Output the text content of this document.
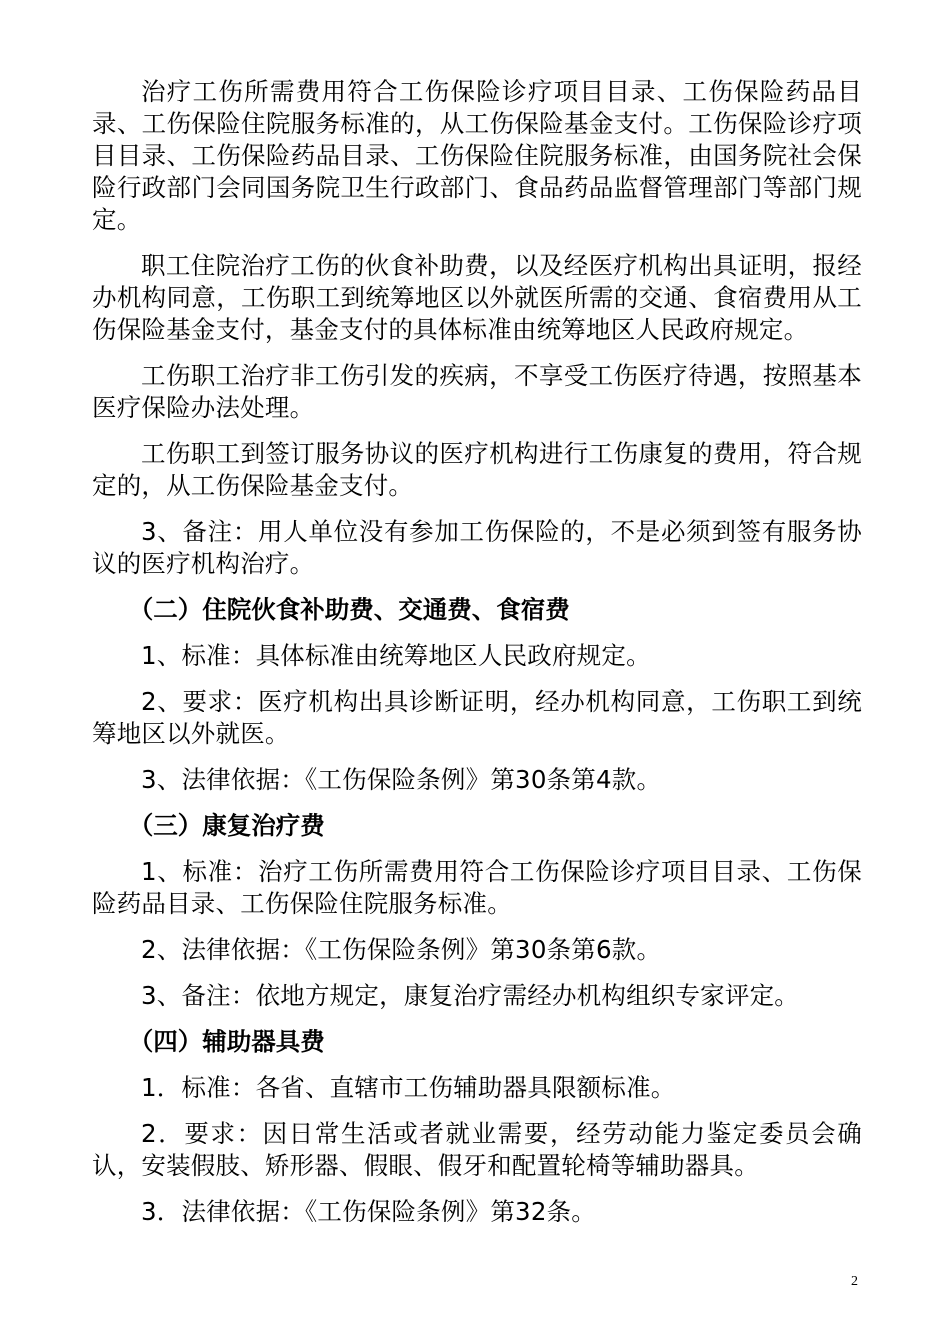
治疗工伤所需费用符合工伤保险诊疗项目目录、工伤保险药品目录、工伤保险住院服务标准的，从工伤保险基金支付。工伤保险诊疗项目目录、工伤保险药品目录、工伤保险住院服务标准，由国务院社会保险行政部门会同国务院卫生行政部门、食品药品监督管理部门等部门规定。

职工住院治疗工伤的伙食补助费，以及经医疗机构出具证明，报经办机构同意，工伤职工到统筹地区以外就医所需的交通、食宿费用从工伤保险基金支付，基金支付的具体标准由统筹地区人民政府规定。

工伤职工治疗非工伤引发的疾病，不享受工伤医疗待遇，按照基本医疗保险办法处理。

工伤职工到签订服务协议的医疗机构进行工伤康复的费用，符合规定的，从工伤保险基金支付。

3、备注：用人单位没有参加工伤保险的，不是必须到签有服务协议的医疗机构治疗。

（二）住院伙食补助费、交通费、食宿费

1、标准：具体标准由统筹地区人民政府规定。

2、要求：医疗机构出具诊断证明，经办机构同意，工伤职工到统筹地区以外就医。

3、法律依据：《工伤保险条例》第30条第4款。

（三）康复治疗费

1、标准：治疗工伤所需费用符合工伤保险诊疗项目目录、工伤保险药品目录、工伤保险住院服务标准。

2、法律依据：《工伤保险条例》第30条第6款。

3、备注：依地方规定，康复治疗需经办机构组织专家评定。

（四）辅助器具费

1．标准：各省、直辖市工伤辅助器具限额标准。

2．要求：因日常生活或者就业需要，经劳动能力鉴定委员会确认，安装假肢、矫形器、假眼、假牙和配置轮椅等辅助器具。

3．法律依据：《工伤保险条例》第32条。

2
